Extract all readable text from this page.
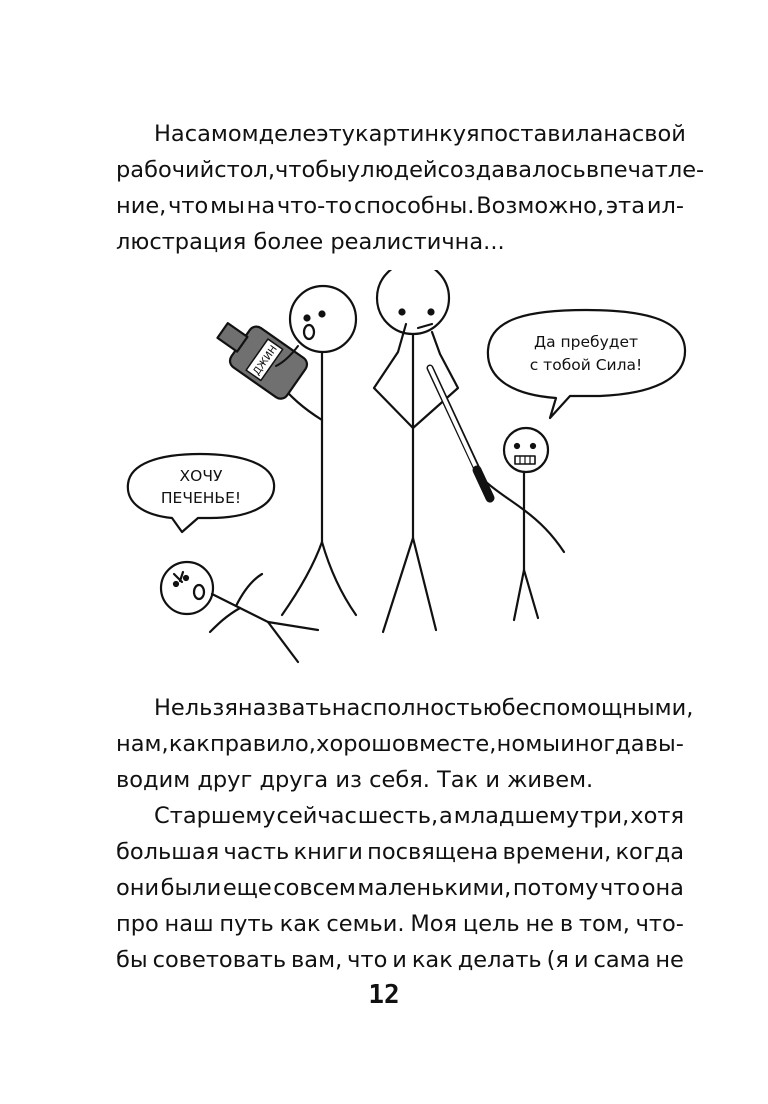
На самом деле эту картинку я поставила на свой
рабочий стол, чтобы у людей создавалось впечатле-
ние, что мы на что-то способны. Возможно, эта ил-
люстрация более реалистична...
Да пребудет
с тобой Сила!
ХОЧУ
ПЕЧЕНЬЕ!
ДЖИН
Нельзя назвать нас полностью беспомощными,
нам, как правило, хорошо вместе, но мы иногда вы-
водим друг друга из себя. Так и живем.
Старшему сейчас шесть, а младшему три, хотя
большая часть книги посвящена времени, когда
они были еще совсем маленькими, потому что она
про наш путь как семьи. Моя цель не в том, что-
бы советовать вам, что и как делать (я и сама не
12
